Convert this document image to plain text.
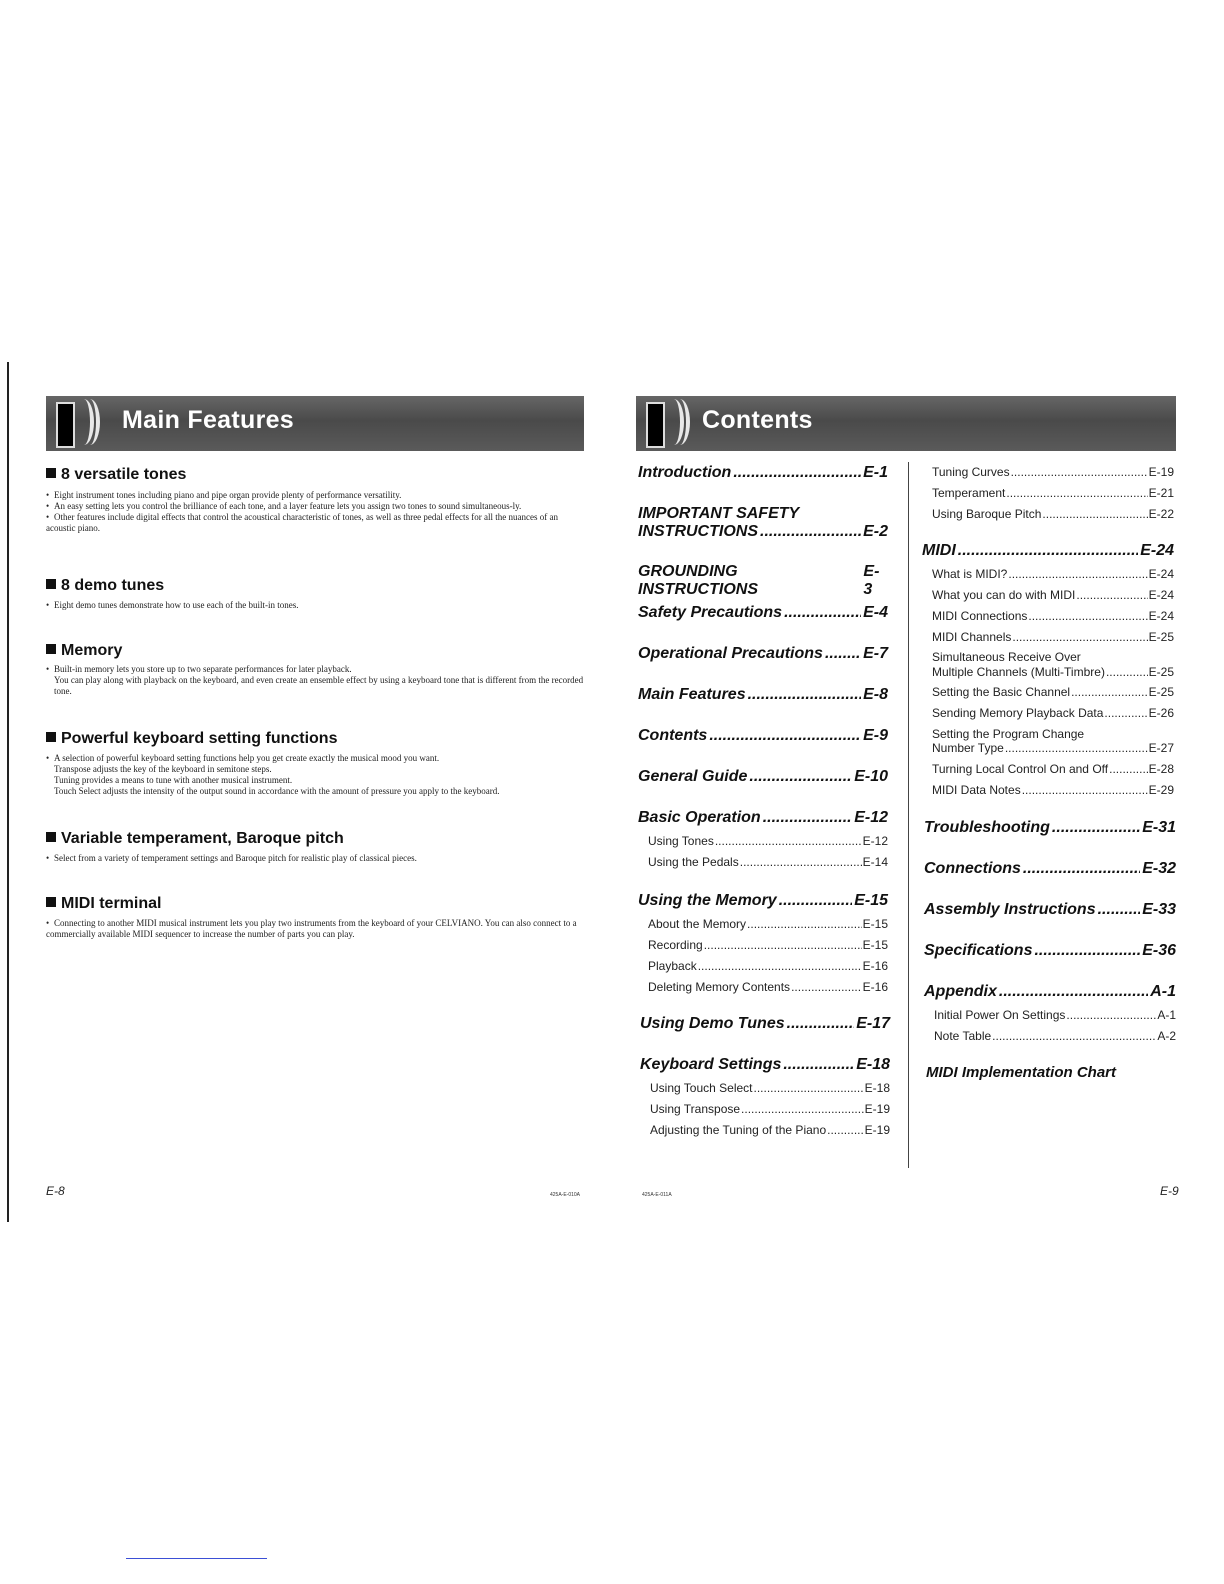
Main Features
8 versatile tones
• Eight instrument tones including piano and pipe organ provide plenty of performance versatility.
• An easy setting lets you control the brilliance of each tone, and a layer feature lets you assign two tones to sound simultaneous-ly.
• Other features include digital effects that control the acoustical characteristic of tones, as well as three pedal effects for all the nuances of an acoustic piano.
8 demo tunes
• Eight demo tunes demonstrate how to use each of the built-in tones.
Memory
• Built-in memory lets you store up to two separate performances for later playback.
You can play along with playback on the keyboard, and even create an ensemble effect by using a keyboard tone that is different from the recorded tone.
Powerful keyboard setting functions
• A selection of powerful keyboard setting functions help you get create exactly the musical mood you want.
Transpose adjusts the key of the keyboard in semitone steps.
Tuning provides a means to tune with another musical instrument.
Touch Select adjusts the intensity of the output sound in accordance with the amount of pressure you apply to the keyboard.
Variable temperament, Baroque pitch
• Select from a variety of temperament settings and Baroque pitch for realistic play of classical pieces.
MIDI terminal
• Connecting to another MIDI musical instrument lets you play two instruments from the keyboard of your CELVIANO. You can also connect to a commercially available MIDI sequencer to increase the number of parts you can play.
E-8	425A-E-010A
Contents
Introduction .....	E-1
IMPORTANT SAFETY
INSTRUCTIONS .....	E-2
GROUNDING INSTRUCTIONS
E-3
Safety Precautions .....	E-4
Operational Precautions .....	E-7
Main Features .....	E-8
Contents .....	E-9
General Guide .....	E-10
Basic Operation .....	E-12
Using Tones .....	E-12
Using the Pedals .....	E-14
Using the Memory .....	E-15
About the Memory .....	E-15
Recording .....	E-15
Playback .....	E-16
Deleting Memory Contents .....	E-16
Using Demo Tunes .....	E-17
Keyboard Settings .....	E-18
Using Touch Select .....	E-18
Using Transpose .....	E-19
Adjusting the Tuning of the Piano .....	E-19
Tuning Curves .....	E-19
Temperament .....	E-21
Using Baroque Pitch .....	E-22
MIDI .....	E-24
What is MIDI? .....	E-24
What you can do with MIDI .....	E-24
MIDI Connections .....	E-24
MIDI Channels .....	E-25
Simultaneous Receive Over
Multiple Channels (Multi-Timbre) .....	E-25
Setting the Basic Channel .....	E-25
Sending Memory Playback Data .....	E-26
Setting the Program Change
Number Type .....	E-27
Turning Local Control On and Off .....	E-28
MIDI Data Notes .....	E-29
Troubleshooting .....	E-31
Connections .....	E-32
Assembly Instructions .....	E-33
Specifications .....	E-36
Appendix .....	A-1
Initial Power On Settings .....	A-1
Note Table .....	A-2
MIDI Implementation Chart
425A-E-011A	E-9
